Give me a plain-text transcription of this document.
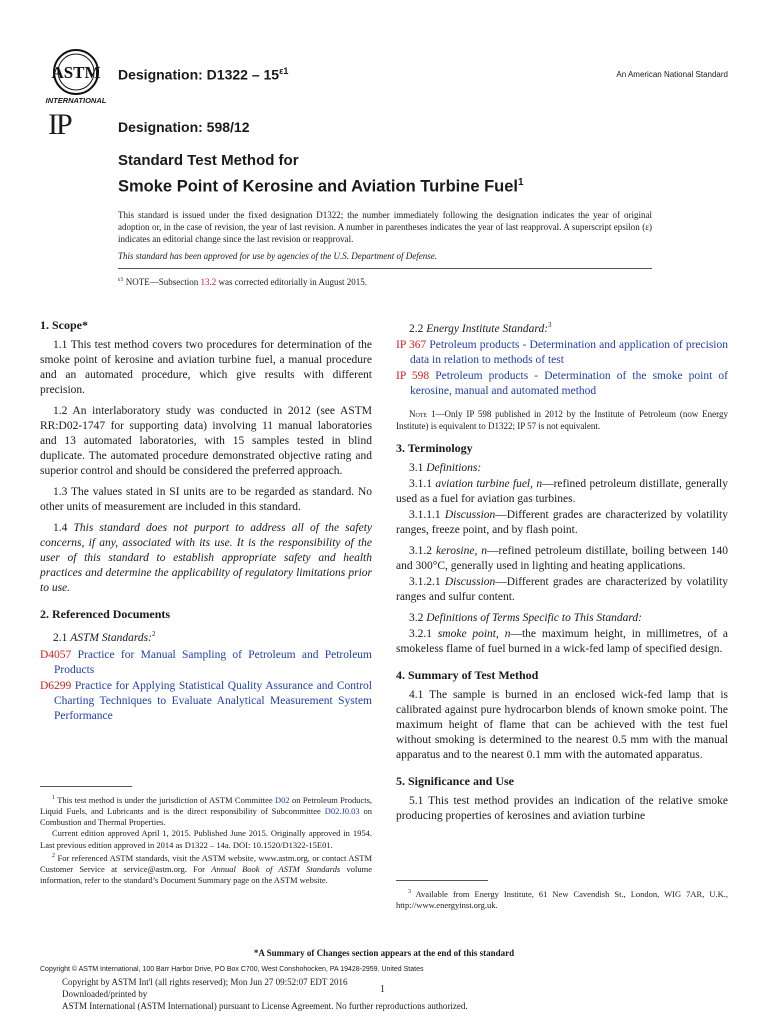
ASTM
INTERNATIONAL
Designation: $D1322 - 15^{\varepsilon 1}$	An American National Standard
IP	Designation: 598/12
Standard Test Method for
Smoke Point of Kerosine and Aviation Turbine Fuel$^1$

This standard is issued under the fixed designation D1322; the number immediately following the designation indicates the year of original adoption or, in the case of revision, the year of last revision. A number in parentheses indicates the year of last reapproval. A superscript epsilon (ε) indicates an editorial change since the last revision or reapproval.

This standard has been approved for use by agencies of the U.S. Department of Defense.

$^{\varepsilon 1}$ NOTE—Subsection 13.2 was corrected editorially in August 2015.

1. Scope*

1.1 This test method covers two procedures for determination of the smoke point of kerosine and aviation turbine fuel, a manual procedure and an automated procedure, which give results with different precision.

1.2 An interlaboratory study was conducted in 2012 (see ASTM RR:D02-1747 for supporting data) involving 11 manual laboratories and 13 automated laboratories, with 15 samples tested in blind duplicate. The automated procedure demonstrated objective rating and superior control and should be considered the preferred approach.

1.3 The values stated in SI units are to be regarded as standard. No other units of measurement are included in this standard.

1.4 This standard does not purport to address all of the safety concerns, if any, associated with its use. It is the responsibility of the user of this standard to establish appropriate safety and health practices and determine the applicability of regulatory limitations prior to use.

2. Referenced Documents

2.1 ASTM Standards:$^2$

D4057 Practice for Manual Sampling of Petroleum and Petroleum Products
D6299 Practice for Applying Statistical Quality Assurance and Control Charting Techniques to Evaluate Analytical Measurement System Performance

$^1$ This test method is under the jurisdiction of ASTM Committee D02 on Petroleum Products, Liquid Fuels, and Lubricants and is the direct responsibility of Subcommittee D02.J0.03 on Combustion and Thermal Properties.

Current edition approved April 1, 2015. Published June 2015. Originally approved in 1954. Last previous edition approved in 2014 as D1322 – 14a. DOI: 10.1520/D1322-15E01.

$^2$ For referenced ASTM standards, visit the ASTM website, www.astm.org, or contact ASTM Customer Service at service@astm.org. For Annual Book of ASTM Standards volume information, refer to the standard’s Document Summary page on the ASTM website.

2.2 Energy Institute Standard:$^3$

IP 367 Petroleum products - Determination and application of precision data in relation to methods of test
IP 598 Petroleum products - Determination of the smoke point of kerosine, manual and automated method

Note 1—Only IP 598 published in 2012 by the Institute of Petroleum (now Energy Institute) is equivalent to D1322; IP 57 is not equivalent.

3. Terminology

3.1 Definitions:

3.1.1 aviation turbine fuel, n—refined petroleum distillate, generally used as a fuel for aviation gas turbines.

3.1.1.1 Discussion—Different grades are characterized by volatility ranges, freeze point, and by flash point.

3.1.2 kerosine, n—refined petroleum distillate, boiling between 140 and 300°C, generally used in lighting and heating applications.

3.1.2.1 Discussion—Different grades are characterized by volatility ranges and sulfur content.

3.2 Definitions of Terms Specific to This Standard:

3.2.1 smoke point, n—the maximum height, in millimetres, of a smokeless flame of fuel burned in a wick-fed lamp of specified design.

4. Summary of Test Method

4.1 The sample is burned in an enclosed wick-fed lamp that is calibrated against pure hydrocarbon blends of known smoke point. The maximum height of flame that can be achieved with the test fuel without smoking is determined to the nearest 0.5 mm with the manual apparatus and to the nearest 0.1 mm with the automated apparatus.

5. Significance and Use

5.1 This test method provides an indication of the relative smoke producing properties of kerosines and aviation turbine

$^3$ Available from Energy Institute, 61 New Cavendish St., London, WIG 7AR, U.K., http://www.energyinst.org.uk.
*A Summary of Changes section appears at the end of this standard
Copyright © ASTM International, 100 Barr Harbor Drive, PO Box C700, West Conshohocken, PA 19428-2959. United States
Copyright by ASTM Int'l (all rights reserved); Mon Jun 27 09:52:07 EDT 2016
Downloaded/printed by
ASTM International (ASTM International) pursuant to License Agreement. No further reproductions authorized.
1
